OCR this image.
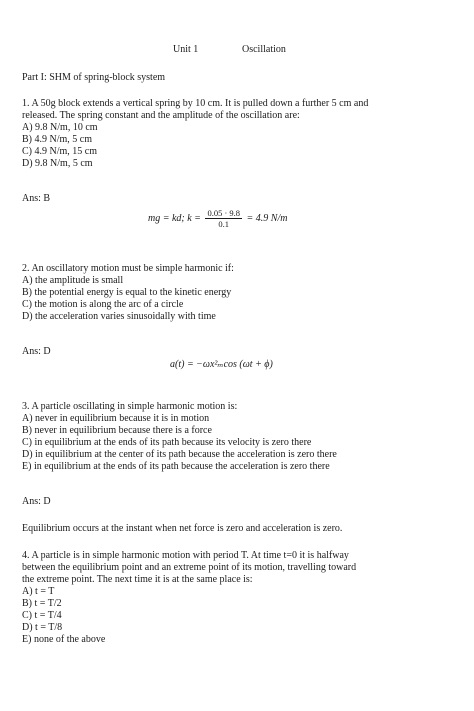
Unit 1	Oscillation
Part I: SHM of spring-block system
1. A 50g block extends a vertical spring by 10 cm. It is pulled down a further 5 cm and
released. The spring constant and the amplitude of the oscillation are:
A) 9.8 N/m, 10 cm
B) 4.9 N/m, 5 cm
C) 4.9 N/m, 15 cm
D) 9.8 N/m, 5 cm
Ans: B
mg = kd; $k = \frac{0.05 \cdot 9.8}{0.1} = 4.9$ N/m
2. An oscillatory motion must be simple harmonic if:
A) the amplitude is small
B) the potential energy is equal to the kinetic energy
C) the motion is along the arc of a circle
D) the acceleration varies sinusoidally with time
Ans: D
a(t) = −ωx²ₘcos (ωt + ϕ)
3. A particle oscillating in simple harmonic motion is:
A) never in equilibrium because it is in motion
B) never in equilibrium because there is a force
C) in equilibrium at the ends of its path because its velocity is zero there
D) in equilibrium at the center of its path because the acceleration is zero there
E) in equilibrium at the ends of its path because the acceleration is zero there
Ans: D
Equilibrium occurs at the instant when net force is zero and acceleration is zero.
4. A particle is in simple harmonic motion with period T. At time t=0 it is halfway
between the equilibrium point and an extreme point of its motion, travelling toward
the extreme point. The next time it is at the same place is:
A) t = T
B) t = T/2
C) t = T/4
D) t = T/8
E) none of the above
